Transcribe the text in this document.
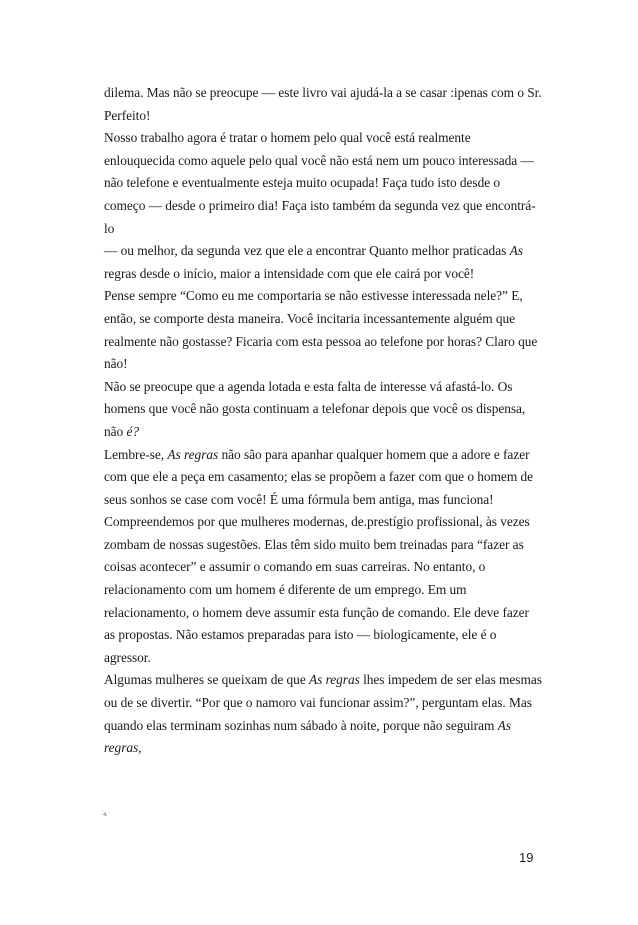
dilema. Mas não se preocupe — este livro vai ajudá-la a se casar :ipenas com o Sr.
Perfeito!
Nosso trabalho agora é tratar o homem pelo qual você está realmente
enlouquecida como aquele pelo qual você não está nem um pouco interessada —
não telefone e eventualmente esteja muito ocupada! Faça tudo isto desde o
começo — desde o primeiro dia! Faça isto também da segunda vez que encontrá-
lo
— ou melhor, da segunda vez que ele a encontrar Quanto melhor praticadas As
regras desde o início, maior a intensidade com que ele cairá por você!
Pense sempre “Como eu me comportaria se não estivesse interessada nele?” E,
então, se comporte desta maneira. Você incitaria incessantemente alguém que
realmente não gostasse? Ficaria com esta pessoa ao telefone por horas? Claro que
não!
Não se preocupe que a agenda lotada e esta falta de interesse vá afastá-lo. Os
homens que você não gosta continuam a telefonar depois que você os dispensa,
não é?
Lembre-se, As regras não são para apanhar qualquer homem que a adore e fazer
com que ele a peça em casamento; elas se propõem a fazer com que o homem de
seus sonhos se case com você! É uma fórmula bem antiga, mas funciona!
Compreendemos por que mulheres modernas, de.prestígio profissional, às vezes
zombam de nossas sugestões. Elas têm sido muito bem treinadas para “fazer as
coisas acontecer” e assumir o comando em suas carreiras. No entanto, o
relacionamento com um homem é diferente de um emprego. Em um
relacionamento, o homem deve assumir esta função de comando. Ele deve fazer
as propostas. Não estamos preparadas para isto — biologicamente, ele é o
agressor.
Algumas mulheres se queixam de que As regras lhes impedem de ser elas mesmas
ou de se divertir. “Por que o namoro vai funcionar assim?”, perguntam elas. Mas
quando elas terminam sozinhas num sábado à noite, porque não seguiram As
regras,
4.
19
